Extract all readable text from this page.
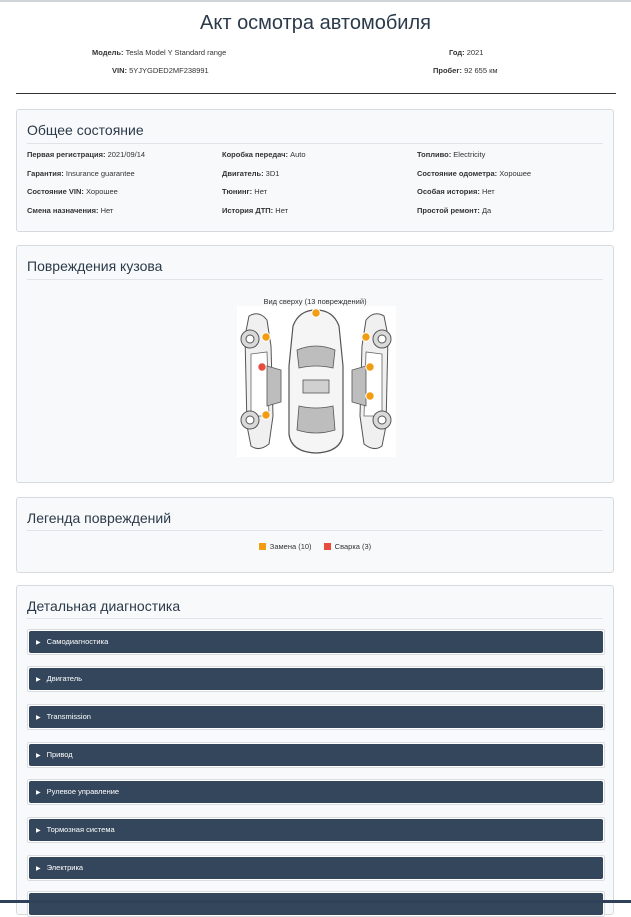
Акт осмотра автомобиля
Модель: Tesla Model Y Standard range	Год: 2021
VIN: 5YJYGDED2MF238991	Пробег: 92 655 км
Общее состояние
Первая регистрация: 2021/09/14	Коробка передач: Auto	Топливо: Electricity
Гарантия: Insurance guarantee	Двигатель: 3D1	Состояние одометра: Хорошее
Состояние VIN: Хорошее	Тюнинг: Нет	Особая история: Нет
Смена назначения: Нет	История ДТП: Нет	Простой ремонт: Да
Повреждения кузова
Вид сверху (13 повреждений)
Легенда повреждений
Замена (10)	Сварка (3)
Детальная диагностика
▶ Самодиагностика
▶ Двигатель
▶ Transmission
▶ Привод
▶ Рулевое управление
▶ Тормозная система
▶ Электрика
